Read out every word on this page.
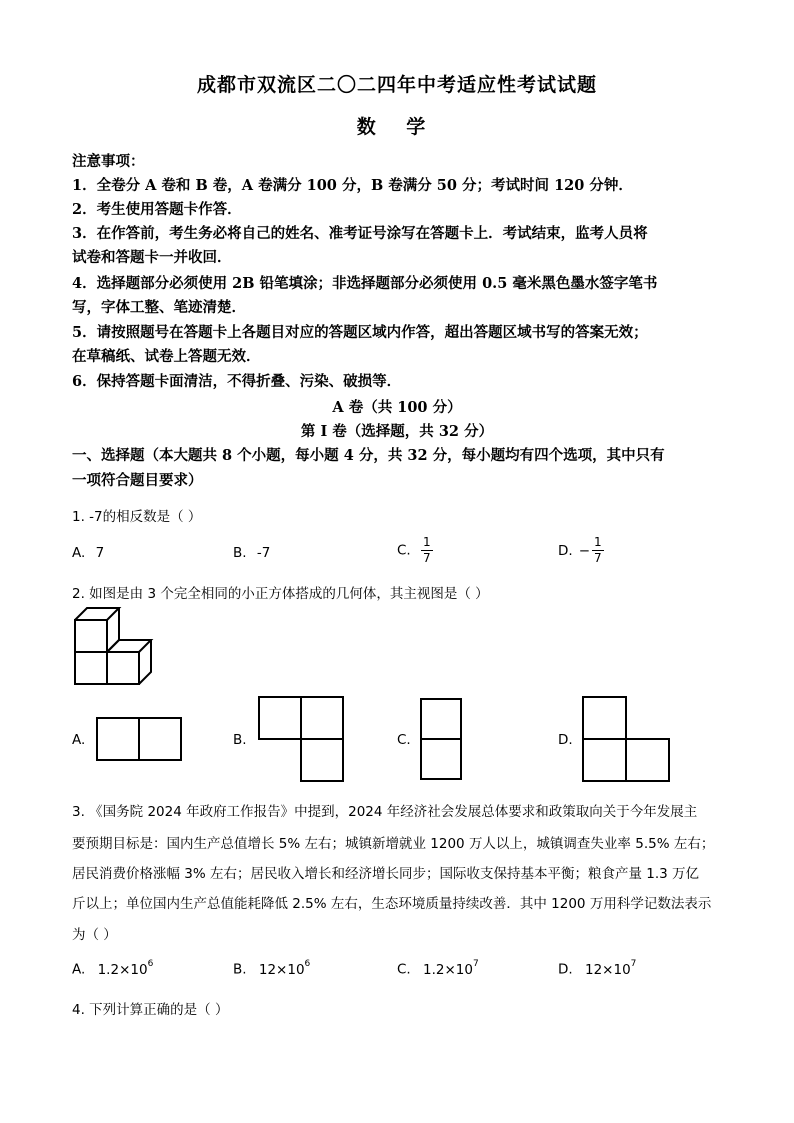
成都市双流区二〇二四年中考适应性考试试题
数 学
注意事项：
1．全卷分 A 卷和 B 卷，A 卷满分 100 分，B 卷满分 50 分；考试时间 120 分钟．
2．考生使用答题卡作答．
3．在作答前，考生务必将自己的姓名、准考证号涂写在答题卡上．考试结束，监考人员将
试卷和答题卡一并收回．
4．选择题部分必须使用 2B 铅笔填涂；非选择题部分必须使用 0.5 毫米黑色墨水签字笔书
写，字体工整、笔迹清楚．
5．请按照题号在答题卡上各题目对应的答题区域内作答，超出答题区域书写的答案无效；
在草稿纸、试卷上答题无效．
6．保持答题卡面清洁，不得折叠、污染、破损等．
A 卷（共 100 分）
第 I 卷（选择题，共 32 分）
一、选择题（本大题共 8 个小题，每小题 4 分，共 32 分，每小题均有四个选项，其中只有
一项符合题目要求）
1. -7的相反数是（ ）
A. 7	B. -7	C. $\frac{1}{7}$	D. − $\frac{1}{7}$
2. 如图是由 3 个完全相同的小正方体搭成的几何体，其主视图是（ ）
A.	B.	C.	D.
3. 《国务院 2024 年政府工作报告》中提到，2024 年经济社会发展总体要求和政策取向关于今年发展主
要预期目标是：国内生产总值增长 5% 左右；城镇新增就业 1200 万人以上，城镇调查失业率 5.5% 左右；
居民消费价格涨幅 3% 左右；居民收入增长和经济增长同步；国际收支保持基本平衡；粮食产量 1.3 万亿
斤以上；单位国内生产总值能耗降低 2.5% 左右，生态环境质量持续改善．其中 1200 万用科学记数法表示
为（ ）
A. $1.2\times 10^6$	B. $12\times 10^6$	C. $1.2\times 10^7$	D. $12\times 10^7$
4. 下列计算正确的是（ ）
